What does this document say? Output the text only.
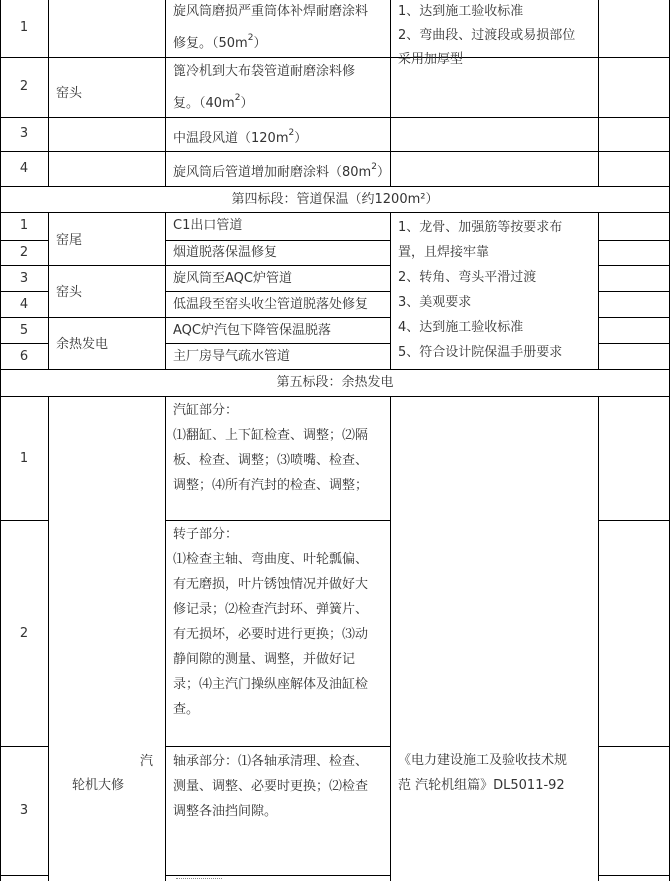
1
2
3
4
窑头
旋风筒磨损严重筒体补焊耐磨涂料
修复。$(50m^2)$
篦冷机到大布袋管道耐磨涂料修
复。$(40m^2)$
中温段风道$(120m^2)$
旋风筒后管道增加耐磨涂料$(80m^2)$
1、达到施工验收标准
2、弯曲段、过渡段或易损部位
采用加厚型
第四标段：管道保温（约1200m²）
1
2
3
4
5
6
窑尾
窑头
余热发电
C1出口管道
烟道脱落保温修复
旋风筒至AQC炉管道
低温段至窑头收尘管道脱落处修复
AQC炉汽包下降管保温脱落
主厂房导气疏水管道
1、龙骨、加强筋等按要求布
置，且焊接牢靠
2、转角、弯头平滑过渡
3、美观要求
4、达到施工验收标准
5、符合设计院保温手册要求
第五标段：余热发电
1
2
3
汽
轮机大修
汽缸部分：
⑴翻缸、上下缸检查、调整；⑵隔
板、检查、调整；⑶喷嘴、检查、
调整；⑷所有汽封的检查、调整；
转子部分：
⑴检查主轴、弯曲度、叶轮瓢偏、
有无磨损，叶片锈蚀情况并做好大
修记录；⑵检查汽封环、弹簧片、
有无损坏，必要时进行更换；⑶动
静间隙的测量、调整，并做好记
录；⑷主汽门操纵座解体及油缸检
查。
轴承部分：⑴各轴承清理、检查、
测量、调整、必要时更换；⑵检查
调整各油挡间隙。
《电力建设施工及验收技术规
范 汽轮机组篇》DL5011-92
